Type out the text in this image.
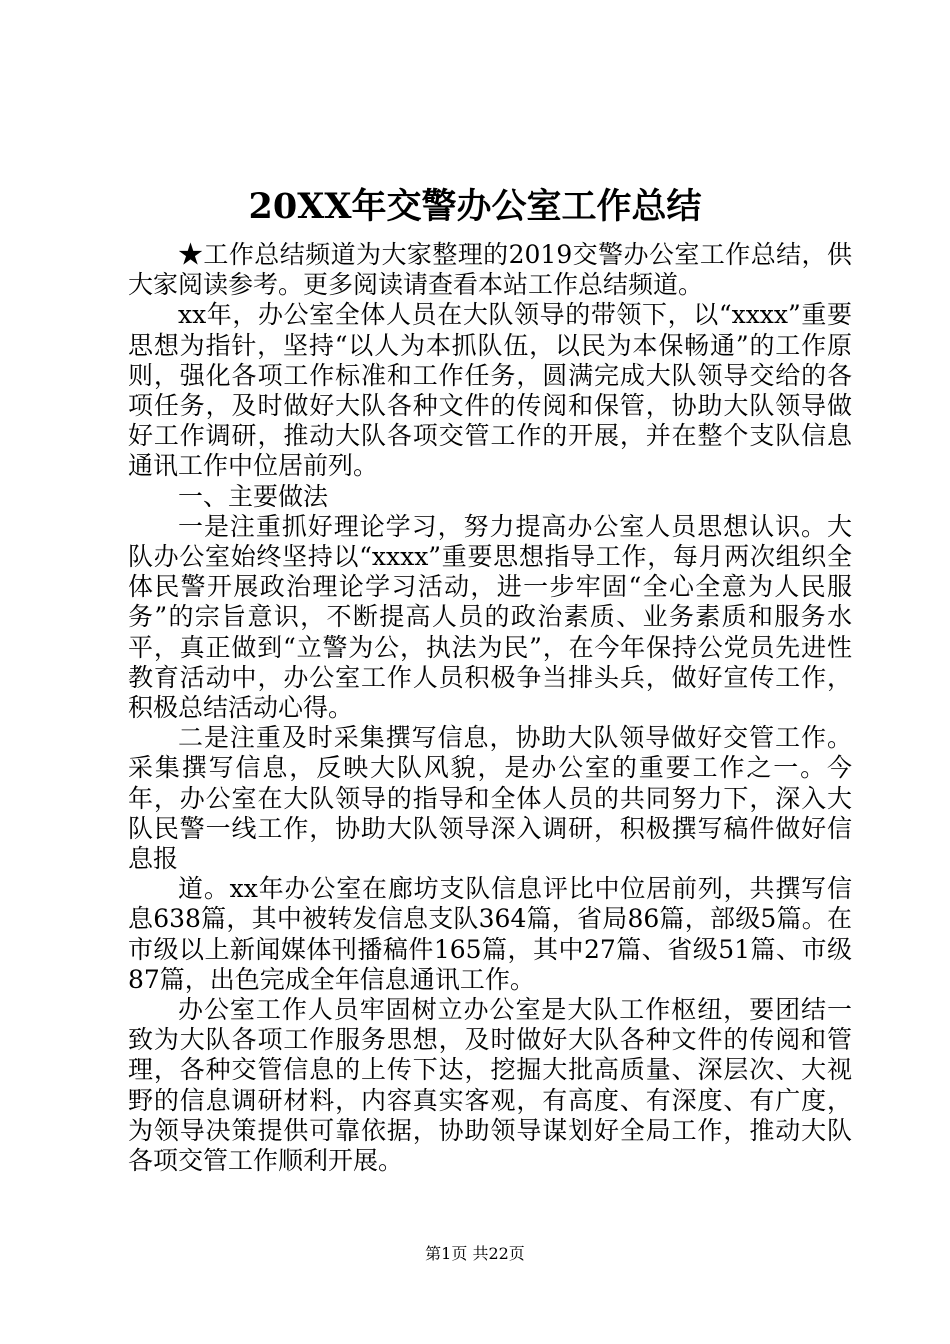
20XX年交警办公室工作总结

★工作总结频道为大家整理的2019交警办公室工作总结，供大家阅读参考。更多阅读请查看本站工作总结频道。

xx年，办公室全体人员在大队领导的带领下，以“xxxx”重要思想为指针，坚持“以人为本抓队伍，以民为本保畅通”的工作原则，强化各项工作标准和工作任务，圆满完成大队领导交给的各项任务，及时做好大队各种文件的传阅和保管，协助大队领导做好工作调研，推动大队各项交管工作的开展，并在整个支队信息通讯工作中位居前列。

一、主要做法

一是注重抓好理论学习，努力提高办公室人员思想认识。大队办公室始终坚持以“xxxx”重要思想指导工作，每月两次组织全体民警开展政治理论学习活动，进一步牢固“全心全意为人民服务”的宗旨意识，不断提高人员的政治素质、业务素质和服务水平，真正做到“立警为公，执法为民”，在今年保持公党员先进性教育活动中，办公室工作人员积极争当排头兵，做好宣传工作，积极总结活动心得。

二是注重及时采集撰写信息，协助大队领导做好交管工作。采集撰写信息，反映大队风貌，是办公室的重要工作之一。今年，办公室在大队领导的指导和全体人员的共同努力下，深入大队民警一线工作，协助大队领导深入调研，积极撰写稿件做好信息报

道。xx年办公室在廊坊支队信息评比中位居前列，共撰写信息638篇，其中被转发信息支队364篇，省局86篇，部级5篇。在市级以上新闻媒体刊播稿件165篇，其中27篇、省级51篇、市级87篇，出色完成全年信息通讯工作。

办公室工作人员牢固树立办公室是大队工作枢纽，要团结一致为大队各项工作服务思想，及时做好大队各种文件的传阅和管理，各种交管信息的上传下达，挖掘大批高质量、深层次、大视野的信息调研材料，内容真实客观，有高度、有深度、有广度，为领导决策提供可靠依据，协助领导谋划好全局工作，推动大队各项交管工作顺利开展。

第1页 共22页
